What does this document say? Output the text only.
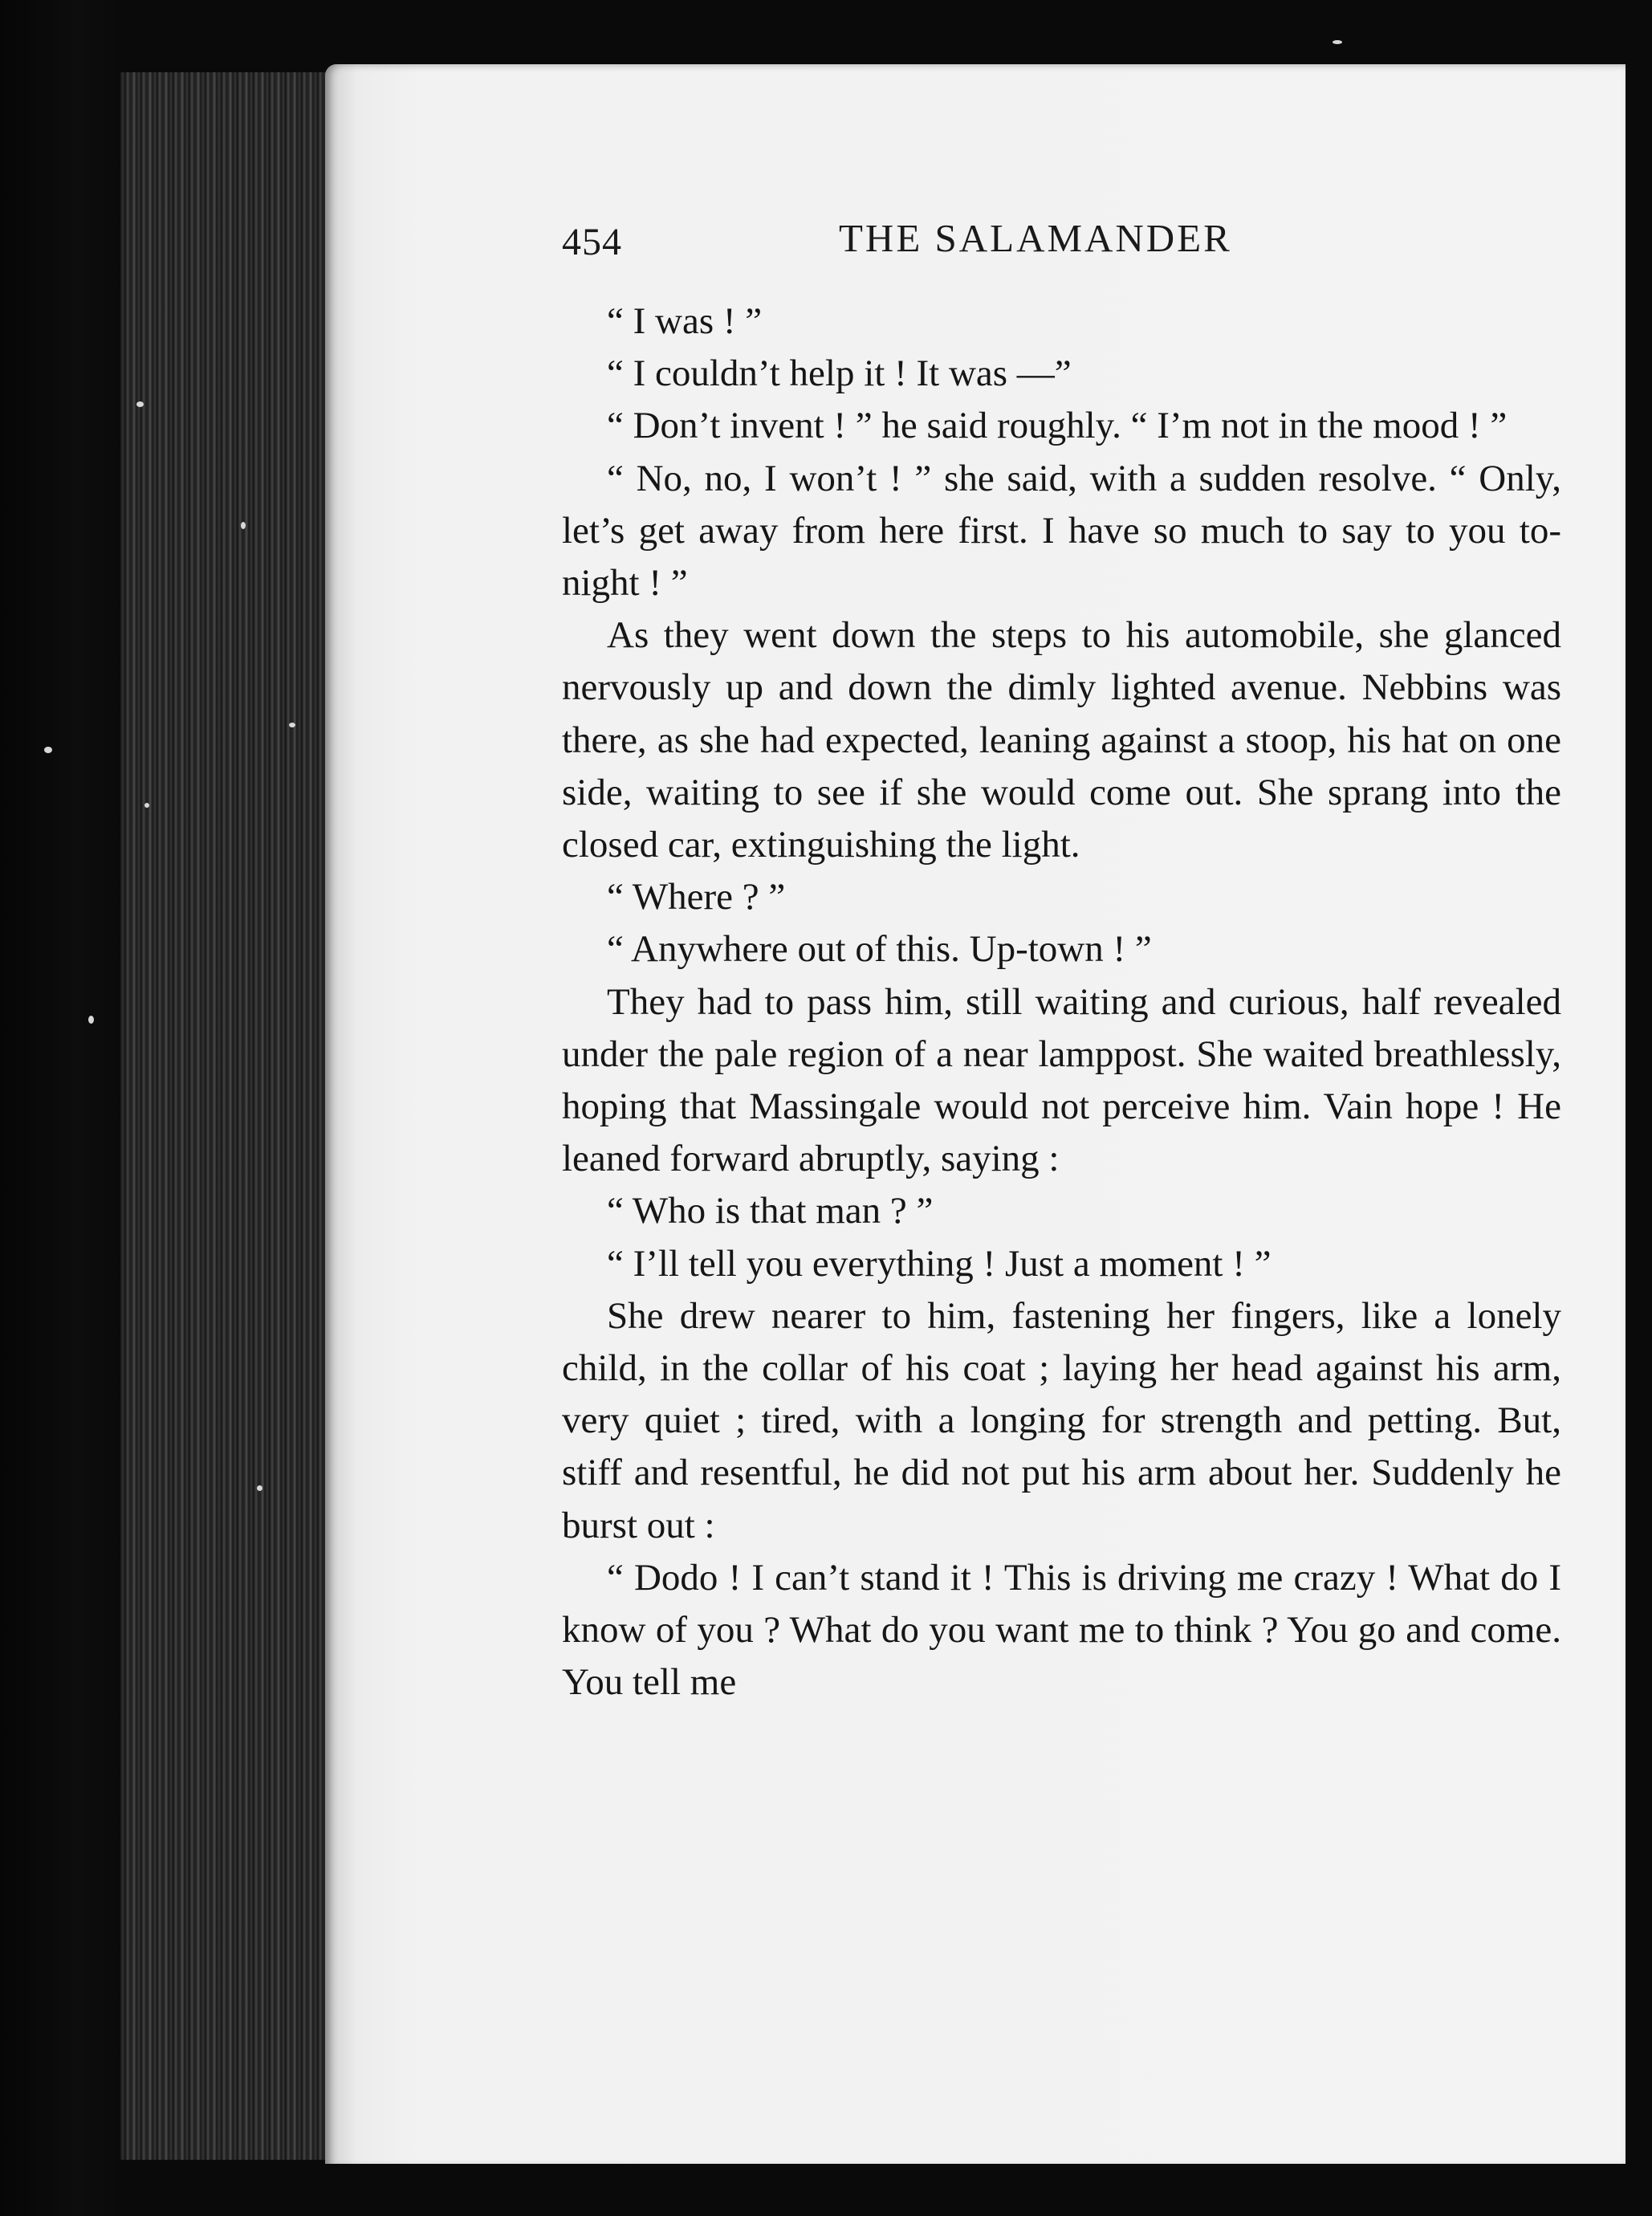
454	THE SALAMANDER

“ I was ! ”

“ I couldn’t help it ! It was —”

“ Don’t invent ! ” he said roughly. “ I’m not in the mood ! ”

“ No, no, I won’t ! ” she said, with a sudden resolve. “ Only, let’s get away from here first. I have so much to say to you to-night ! ”

As they went down the steps to his automobile, she glanced nervously up and down the dimly lighted avenue. Nebbins was there, as she had expected, leaning against a stoop, his hat on one side, waiting to see if she would come out. She sprang into the closed car, extinguishing the light.

“ Where ? ”

“ Anywhere out of this. Up-town ! ”

They had to pass him, still waiting and curious, half revealed under the pale region of a near lamppost. She waited breathlessly, hoping that Massingale would not perceive him. Vain hope ! He leaned forward abruptly, saying :

“ Who is that man ? ”

“ I’ll tell you everything ! Just a moment ! ”

She drew nearer to him, fastening her fingers, like a lonely child, in the collar of his coat ; laying her head against his arm, very quiet ; tired, with a longing for strength and petting. But, stiff and resentful, he did not put his arm about her. Suddenly he burst out :

“ Dodo ! I can’t stand it ! This is driving me crazy ! What do I know of you ? What do you want me to think ? You go and come. You tell me
